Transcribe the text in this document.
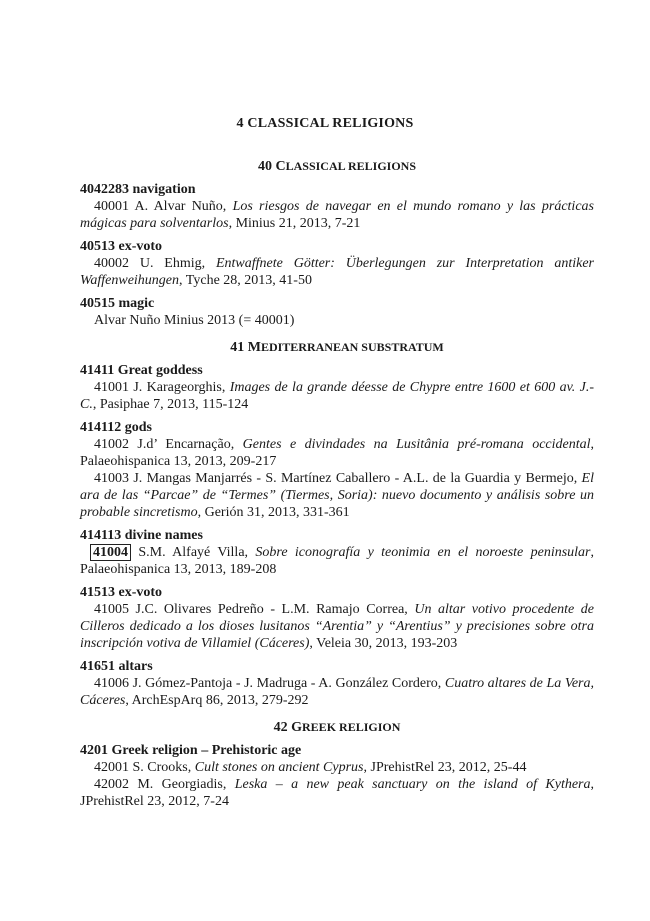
4 CLASSICAL RELIGIONS
40 CLASSICAL RELIGIONS
4042283 navigation
40001 A. Alvar Nuño, Los riesgos de navegar en el mundo romano y las prácticas mágicas para solventarlos, Minius 21, 2013, 7-21
40513 ex-voto
40002 U. Ehmig, Entwaffnete Götter: Überlegungen zur Interpretation antiker Waffenweihungen, Tyche 28, 2013, 41-50
40515 magic
Alvar Nuño Minius 2013 (= 40001)
41 MEDITERRANEAN SUBSTRATUM
41411 Great goddess
41001 J. Karageorghis, Images de la grande déesse de Chypre entre 1600 et 600 av. J.-C., Pasiphae 7, 2013, 115-124
414112 gods
41002 J.d’ Encarnação, Gentes e divindades na Lusitânia pré-romana occidental, Palaeohispanica 13, 2013, 209-217
41003 J. Mangas Manjarrés - S. Martínez Caballero - A.L. de la Guardia y Bermejo, El ara de las “Parcae” de “Termes” (Tiermes, Soria): nuevo documento y análisis sobre un probable sincretismo, Gerión 31, 2013, 331-361
414113 divine names
41004 S.M. Alfayé Villa, Sobre iconografía y teonimia en el noroeste peninsular, Palaeohispanica 13, 2013, 189-208
41513 ex-voto
41005 J.C. Olivares Pedreño - L.M. Ramajo Correa, Un altar votivo procedente de Cilleros dedicado a los dioses lusitanos “Arentia” y “Arentius” y precisiones sobre otra inscripción votiva de Villamiel (Cáceres), Veleia 30, 2013, 193-203
41651 altars
41006 J. Gómez-Pantoja - J. Madruga - A. González Cordero, Cuatro altares de La Vera, Cáceres, ArchEspArq 86, 2013, 279-292
42 GREEK RELIGION
4201 Greek religion – Prehistoric age
42001 S. Crooks, Cult stones on ancient Cyprus, JPrehistRel 23, 2012, 25-44
42002 M. Georgiadis, Leska – a new peak sanctuary on the island of Kythera, JPrehistRel 23, 2012, 7-24
